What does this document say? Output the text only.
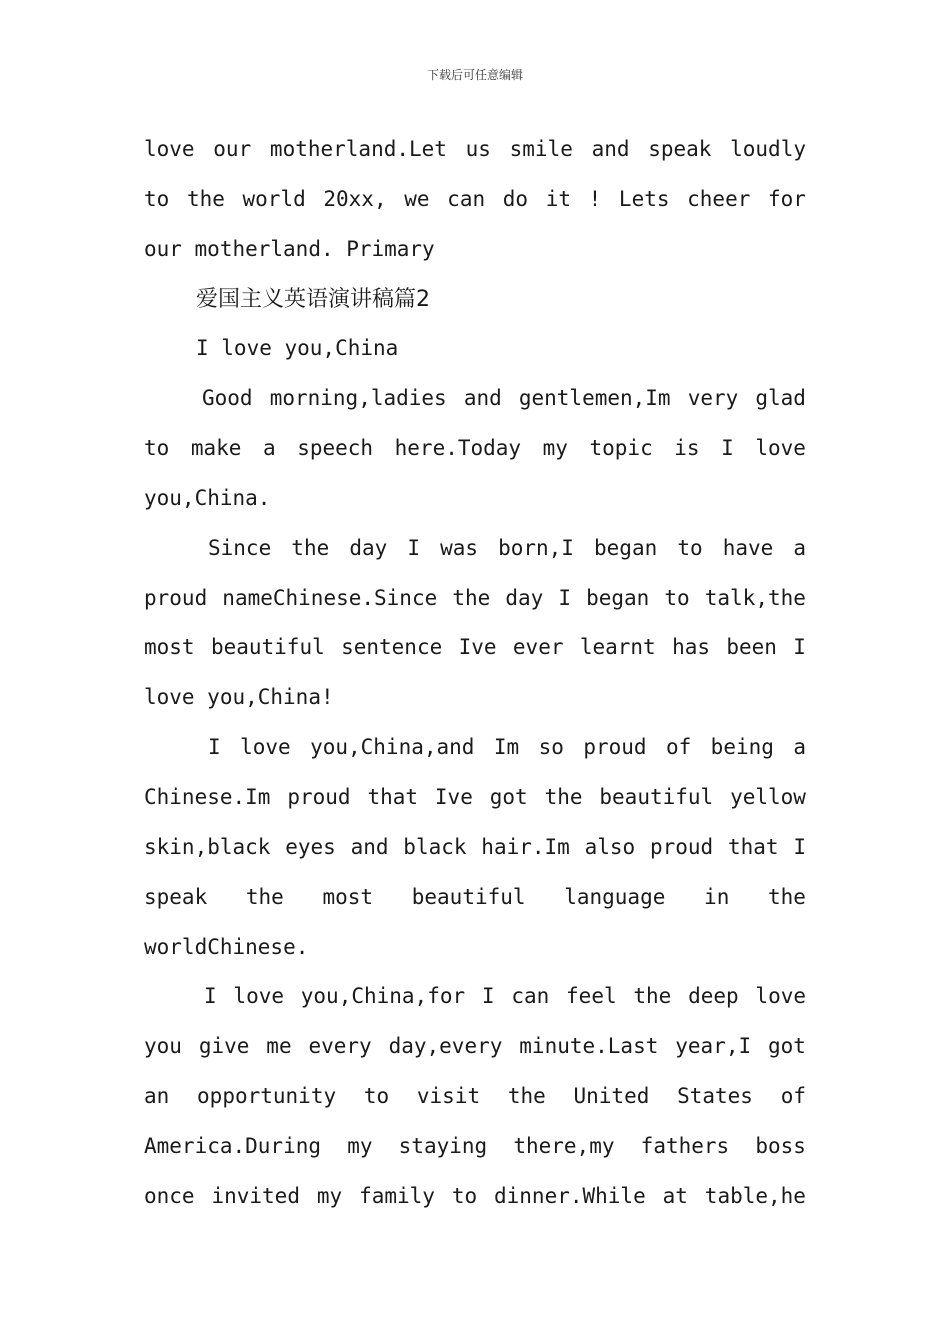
下载后可任意编辑
love our motherland.Let us smile and speak loudly
to the world 20xx, we can do it ! Lets cheer for
our motherland. Primary
爱国主义英语演讲稿篇2
I love you,China
Good morning,ladies and gentlemen,Im very glad
to make a speech here.Today my topic is I love
you,China.
Since the day I was born,I began to have a
proud nameChinese.Since the day I began to talk,the
most beautiful sentence Ive ever learnt has been I
love you,China!
I love you,China,and Im so proud of being a
Chinese.Im proud that Ive got the beautiful yellow
skin,black eyes and black hair.Im also proud that I
speak the most beautiful language in the
worldChinese.
I love you,China,for I can feel the deep love
you give me every day,every minute.Last year,I got
an opportunity to visit the United States of
America.During my staying there,my fathers boss
once invited my family to dinner.While at table,he
